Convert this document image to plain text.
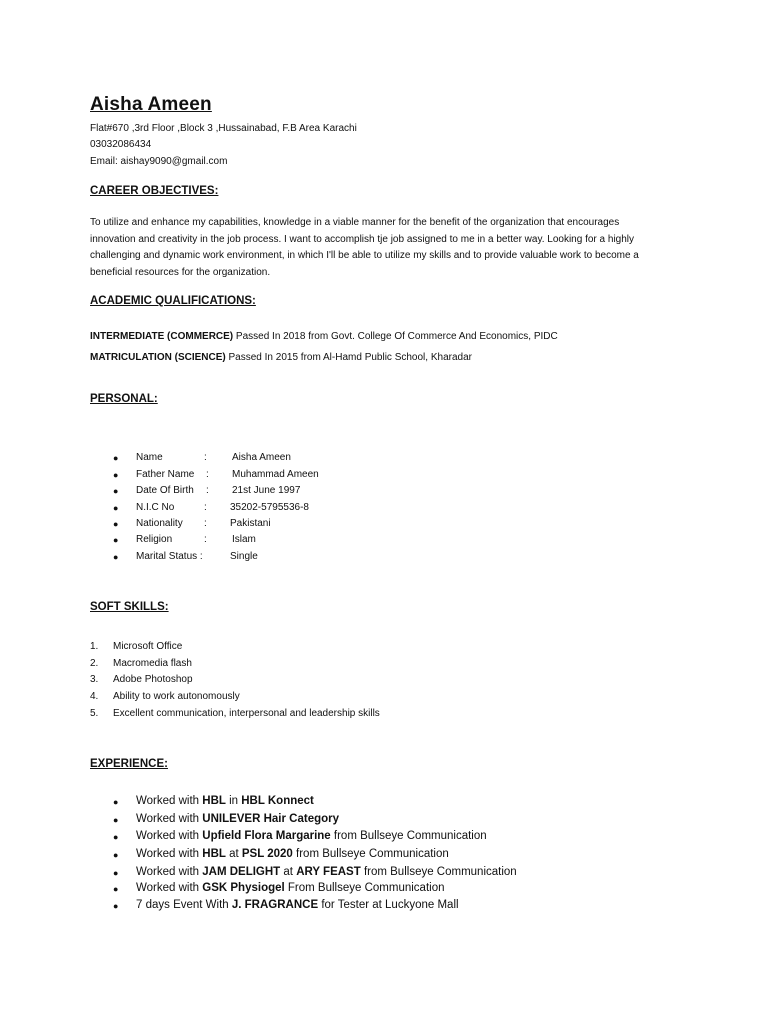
Aisha Ameen
Flat#670 ,3rd Floor ,Block 3 ,Hussainabad, F.B Area Karachi
03032086434
Email: aishay9090@gmail.com
CAREER OBJECTIVES:
To utilize and enhance my capabilities, knowledge in a viable manner for the benefit of the organization that encourages
innovation and creativity in the job process. I want to accomplish tje job assigned to me in a better way. Looking for a highly
challenging and dynamic work environment, in which I'll be able to utilize my skills and to provide valuable work to become a
beneficial resources for the organization.
ACADEMIC QUALIFICATIONS:
INTERMEDIATE (COMMERCE) Passed In 2018 from Govt. College Of Commerce And Economics, PIDC
MATRICULATION (SCIENCE) Passed In 2015 from Al-Hamd Public School, Kharadar
PERSONAL:
● Name	:	Aisha Ameen
● Father Name : Muhammad Ameen
● Date Of Birth : 21st June 1997
● N.I.C No	: 35202-5795536-8
● Nationality : Pakistani
● Religion	:	Islam
● Marital Status :	Single
SOFT SKILLS:
1. Microsoft Office
2. Macromedia flash
3. Adobe Photoshop
4. Ability to work autonomously
5. Excellent communication, interpersonal and leadership skills
EXPERIENCE:
● Worked with HBL in HBL Konnect
● Worked with UNILEVER Hair Category
● Worked with Upfield Flora Margarine from Bullseye Communication
● Worked with HBL at PSL 2020 from Bullseye Communication
● Worked with JAM DELIGHT at ARY FEAST from Bullseye Communication
● Worked with GSK Physiogel From Bullseye Communication
● 7 days Event With J. FRAGRANCE for Tester at Luckyone Mall
